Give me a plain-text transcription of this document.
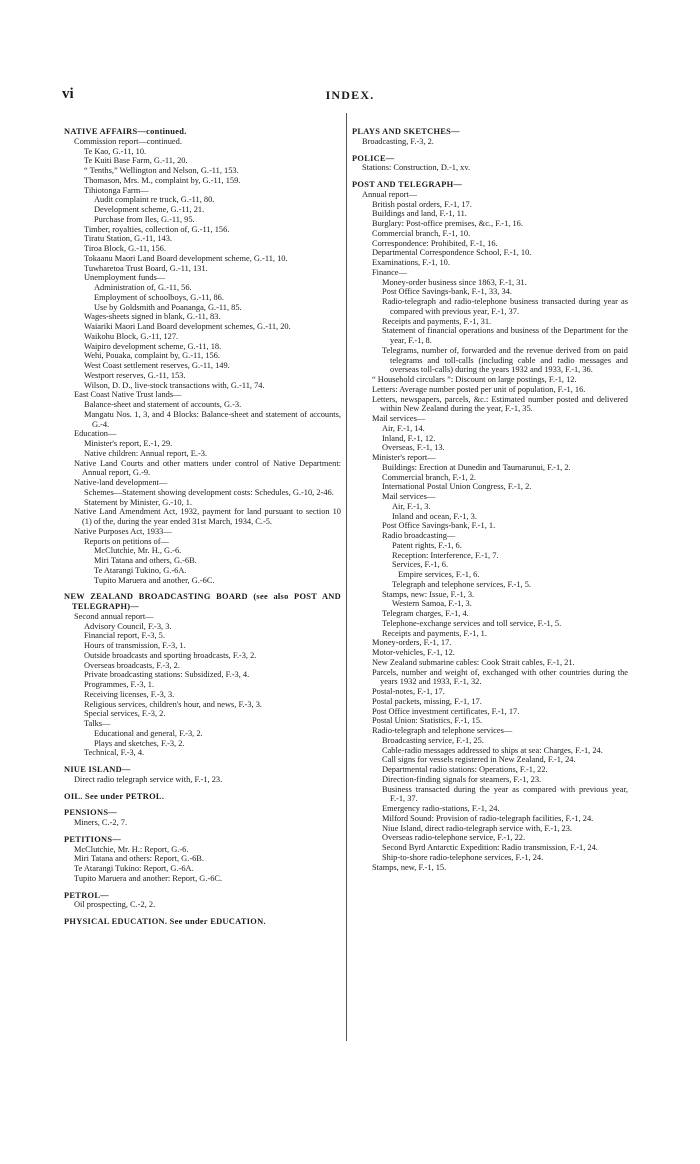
vi	INDEX.
NATIVE AFFAIRS—continued.
Commission report—continued.
Te Kao, G.-11, 10.
Te Kuiti Base Farm, G.-11, 20.
“ Tenths,” Wellington and Nelson, G.-11, 153.
Thomason, Mrs. M., complaint by, G.-11, 159.
Tihiotonga Farm—
Audit complaint re truck, G.-11, 80.
Development scheme, G.-11, 21.
Purchase from Iles, G.-11, 95.
Timber, royalties, collection of, G.-11, 156.
Tiratu Station, G.-11, 143.
Tiroa Block, G.-11, 156.
Tokaanu Maori Land Board development scheme, G.-11, 10.
Tuwharetoa Trust Board, G.-11, 131.
Unemployment funds—
Administration of, G.-11, 56.
Employment of schoolboys, G.-11, 86.
Use by Goldsmith and Poananga, G.-11, 85.
Wages-sheets signed in blank, G.-11, 83.
Waiariki Maori Land Board development schemes, G.-11, 20.
Waikohu Block, G.-11, 127.
Waipiro development scheme, G.-11, 18.
Wehi, Pouaka, complaint by, G.-11, 156.
West Coast settlement reserves, G.-11, 149.
Westport reserves, G.-11, 153.
Wilson, D. D., live-stock transactions with, G.-11, 74.
East Coast Native Trust lands—
Balance-sheet and statement of accounts, G.-3.
Mangatu Nos. 1, 3, and 4 Blocks: Balance-sheet and statement of accounts, G.-4.
Education—
Minister's report, E.-1, 29.
Native children: Annual report, E.-3.
Native Land Courts and other matters under control of Native Department: Annual report, G.-9.
Native-land development—
Schemes—Statement showing development costs: Schedules, G.-10, 2-46.
Statement by Minister, G.-10, 1.
Native Land Amendment Act, 1932, payment for land pursuant to section 10 (1) of the, during the year ended 31st March, 1934, C.-5.
Native Purposes Act, 1933—
Reports on petitions of—
McClutchie, Mr. H., G.-6.
Miri Tatana and others, G.-6B.
Te Atarangi Tukino, G.-6A.
Tupito Maruera and another, G.-6C.
NEW ZEALAND BROADCASTING BOARD (see also POST AND TELEGRAPH)—
Second annual report—
Advisory Council, F.-3, 3.
Financial report, F.-3, 5.
Hours of transmission, F.-3, 1.
Outside broadcasts and sporting broadcasts, F.-3, 2.
Overseas broadcasts, F.-3, 2.
Private broadcasting stations: Subsidized, F.-3, 4.
Programmes, F.-3, 1.
Receiving licenses, F.-3, 3.
Religious services, children's hour, and news, F.-3, 3.
Special services, F.-3, 2.
Talks—
Educational and general, F.-3, 2.
Plays and sketches, F.-3, 2.
Technical, F.-3, 4.
NIUE ISLAND—
Direct radio telegraph service with, F.-1, 23.
OIL. See under PETROL.
PENSIONS—
Miners, C.-2, 7.
PETITIONS—
McClutchie, Mr. H.: Report, G.-6.
Miri Tatana and others: Report, G.-6B.
Te Atarangi Tukino: Report, G.-6A.
Tupito Maruera and another: Report, G.-6C.
PETROL—
Oil prospecting, C.-2, 2.
PHYSICAL EDUCATION. See under EDUCATION.
PLAYS AND SKETCHES—
Broadcasting, F.-3, 2.
POLICE—
Stations: Construction, D.-1, xv.
POST AND TELEGRAPH—
Annual report—
British postal orders, F.-1, 17.
Buildings and land, F.-1, 11.
Burglary: Post-office premises, &c., F.-1, 16.
Commercial branch, F.-1, 10.
Correspondence: Prohibited, F.-1, 16.
Departmental Correspondence School, F.-1, 10.
Examinations, F.-1, 10.
Finance—
Money-order business since 1863, F.-1, 31.
Post Office Savings-bank, F.-1, 33, 34.
Radio-telegraph and radio-telephone business transacted during year as compared with previous year, F.-1, 37.
Receipts and payments, F.-1, 31.
Statement of financial operations and business of the Department for the year, F.-1, 8.
Telegrams, number of, forwarded and the revenue derived from on paid telegrams and toll-calls (including cable and radio messages and overseas toll-calls) during the years 1932 and 1933, F.-1, 36.
“ Household circulars ”: Discount on large postings, F.-1, 12.
Letters: Average number posted per unit of population, F.-1, 16.
Letters, newspapers, parcels, &c.: Estimated number posted and delivered within New Zealand during the year, F.-1, 35.
Mail services—
Air, F.-1, 14.
Inland, F.-1, 12.
Overseas, F.-1, 13.
Minister's report—
Buildings: Erection at Dunedin and Taumarunui, F.-1, 2.
Commercial branch, F.-1, 2.
International Postal Union Congress, F.-1, 2.
Mail services—
Air, F.-1, 3.
Inland and ocean, F.-1, 3.
Post Office Savings-bank, F.-1, 1.
Radio broadcasting—
Patent rights, F.-1, 6.
Reception: Interference, F.-1, 7.
Services, F.-1, 6.
Empire services, F.-1, 6.
Telegraph and telephone services, F.-1, 5.
Stamps, new: Issue, F.-1, 3.
Western Samoa, F.-1, 3.
Telegram charges, F.-1, 4.
Telephone-exchange services and toll service, F.-1, 5.
Receipts and payments, F.-1, 1.
Money-orders, F.-1, 17.
Motor-vehicles, F.-1, 12.
New Zealand submarine cables: Cook Strait cables, F.-1, 21.
Parcels, number and weight of, exchanged with other countries during the years 1932 and 1933, F.-1, 32.
Postal-notes, F.-1, 17.
Postal packets, missing, F.-1, 17.
Post Office investment certificates, F.-1, 17.
Postal Union: Statistics, F.-1, 15.
Radio-telegraph and telephone services—
Broadcasting service, F.-1, 25.
Cable-radio messages addressed to ships at sea: Charges, F.-1, 24.
Call signs for vessels registered in New Zealand, F.-1, 24.
Departmental radio stations: Operations, F.-1, 22.
Direction-finding signals for steamers, F.-1, 23.
Business transacted during the year as compared with previous year, F.-1, 37.
Emergency radio-stations, F.-1, 24.
Milford Sound: Provision of radio-telegraph facilities, F.-1, 24.
Niue Island, direct radio-telegraph service with, F.-1, 23.
Overseas radio-telephone service, F.-1, 22.
Second Byrd Antarctic Expedition: Radio transmission, F.-1, 24.
Ship-to-shore radio-telephone services, F.-1, 24.
Stamps, new, F.-1, 15.
